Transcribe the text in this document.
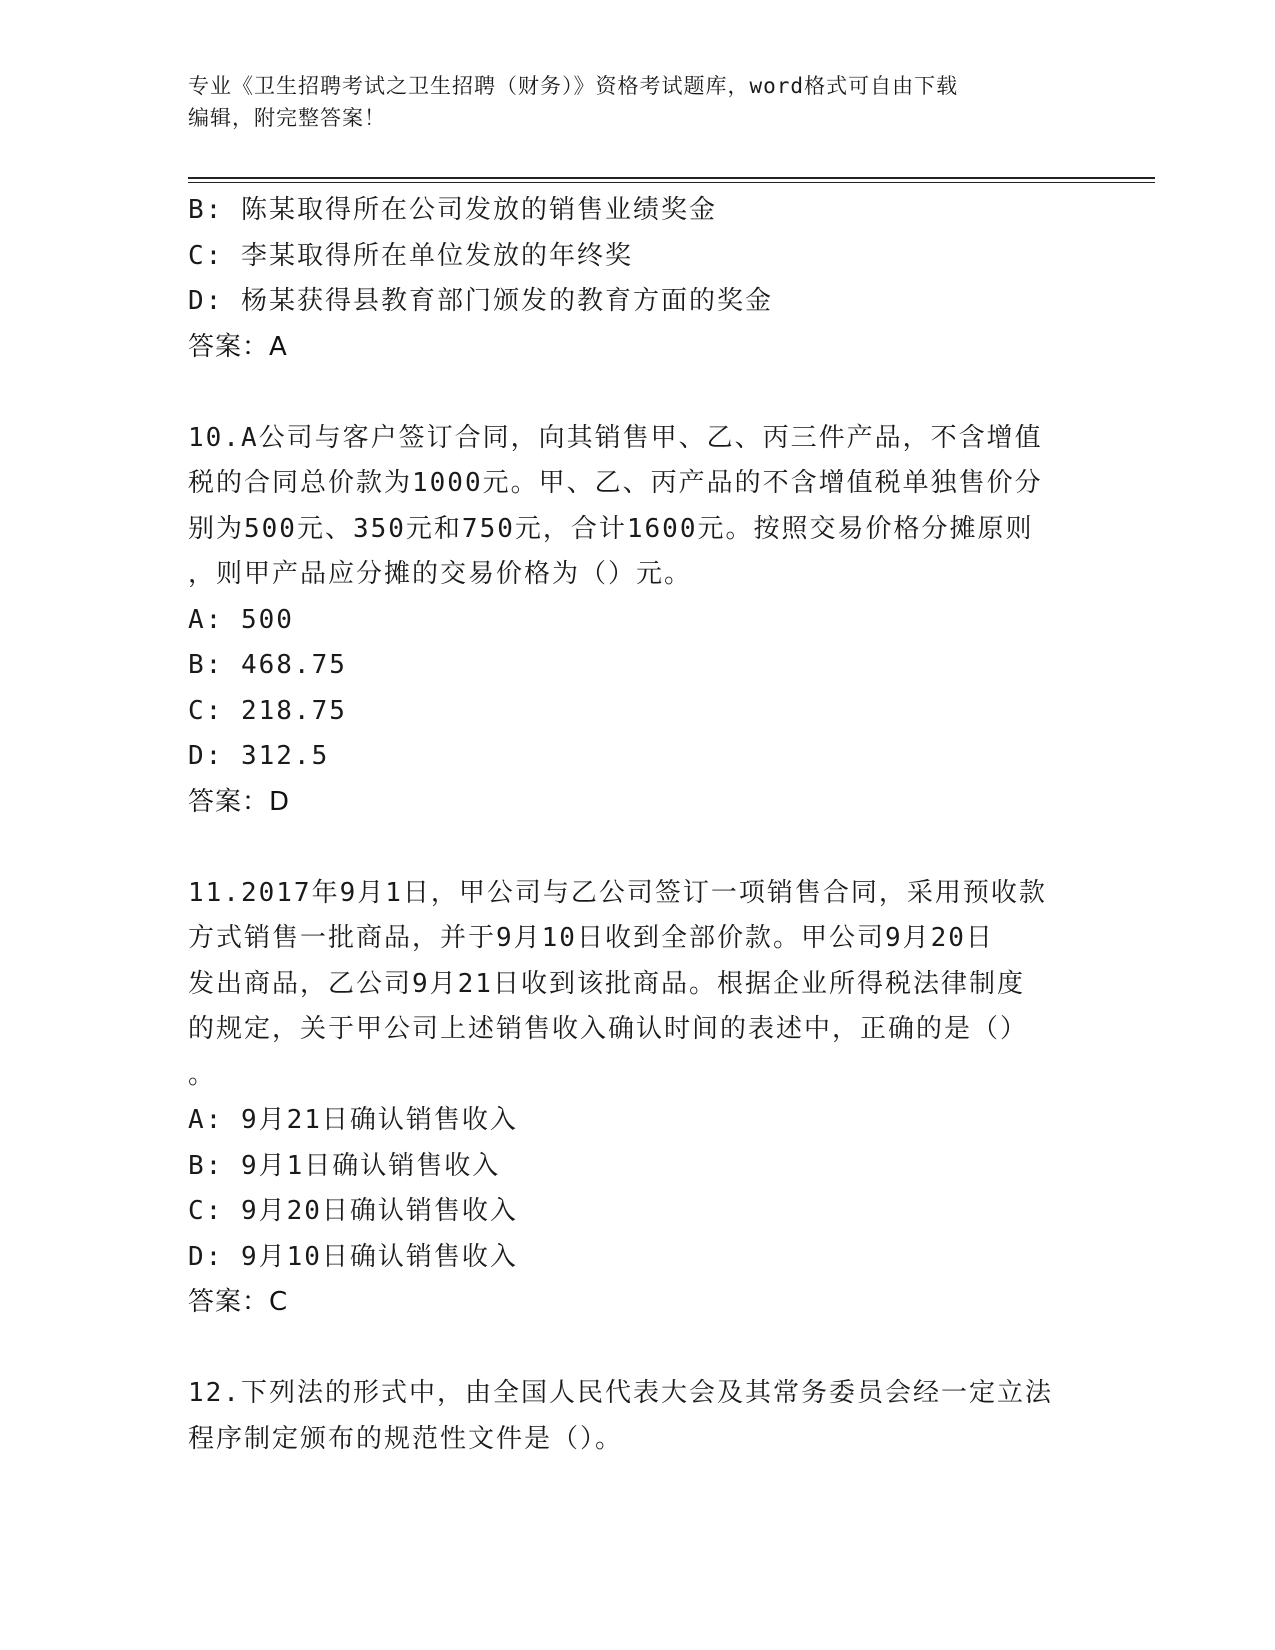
专业《卫生招聘考试之卫生招聘（财务）》资格考试题库，word格式可自由下载
编辑，附完整答案！
B: 陈某取得所在公司发放的销售业绩奖金
C: 李某取得所在单位发放的年终奖
D: 杨某获得县教育部门颁发的教育方面的奖金
答案：A
10.A公司与客户签订合同，向其销售甲、乙、丙三件产品，不含增值
税的合同总价款为1000元。甲、乙、丙产品的不含增值税单独售价分
别为500元、350元和750元，合计1600元。按照交易价格分摊原则
，则甲产品应分摊的交易价格为（）元。
A: 500
B: 468.75
C: 218.75
D: 312.5
答案：D
11.2017年9月1日，甲公司与乙公司签订一项销售合同，采用预收款
方式销售一批商品，并于9月10日收到全部价款。甲公司9月20日
发出商品，乙公司9月21日收到该批商品。根据企业所得税法律制度
的规定，关于甲公司上述销售收入确认时间的表述中，正确的是（）
。
A: 9月21日确认销售收入
B: 9月1日确认销售收入
C: 9月20日确认销售收入
D: 9月10日确认销售收入
答案：C
12.下列法的形式中，由全国人民代表大会及其常务委员会经一定立法
程序制定颁布的规范性文件是（）。
